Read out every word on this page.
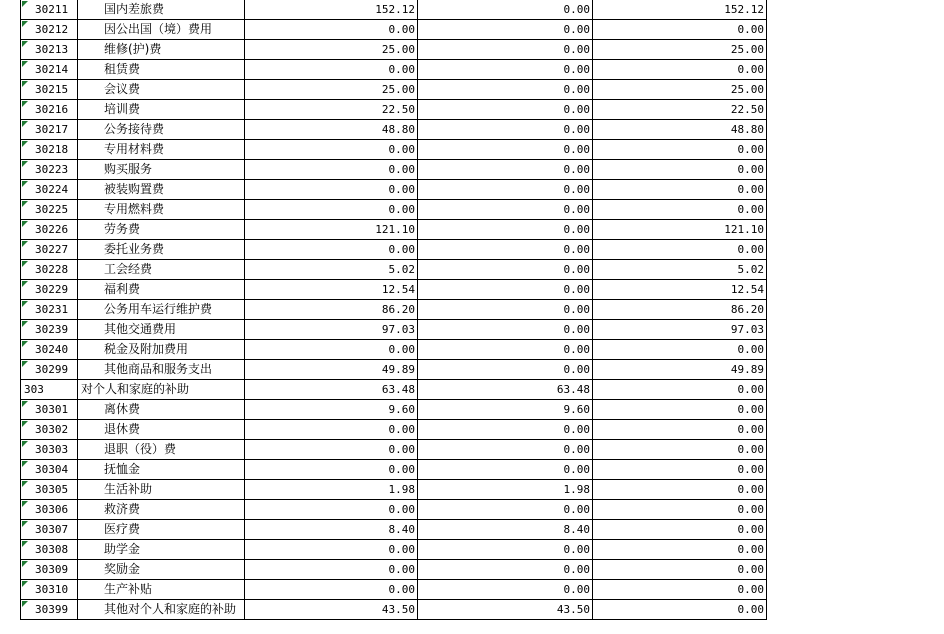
30211	国内差旅费	152.12	0.00	152.12
30212	因公出国（境）费用	0.00	0.00	0.00
30213	维修(护)费	25.00	0.00	25.00
30214	租赁费	0.00	0.00	0.00
30215	会议费	25.00	0.00	25.00
30216	培训费	22.50	0.00	22.50
30217	公务接待费	48.80	0.00	48.80
30218	专用材料费	0.00	0.00	0.00
30223	购买服务	0.00	0.00	0.00
30224	被装购置费	0.00	0.00	0.00
30225	专用燃料费	0.00	0.00	0.00
30226	劳务费	121.10	0.00	121.10
30227	委托业务费	0.00	0.00	0.00
30228	工会经费	5.02	0.00	5.02
30229	福利费	12.54	0.00	12.54
30231	公务用车运行维护费	86.20	0.00	86.20
30239	其他交通费用	97.03	0.00	97.03
30240	税金及附加费用	0.00	0.00	0.00
30299	其他商品和服务支出	49.89	0.00	49.89
303	对个人和家庭的补助	63.48	63.48	0.00
30301	离休费	9.60	9.60	0.00
30302	退休费	0.00	0.00	0.00
30303	退职（役）费	0.00	0.00	0.00
30304	抚恤金	0.00	0.00	0.00
30305	生活补助	1.98	1.98	0.00
30306	救济费	0.00	0.00	0.00
30307	医疗费	8.40	8.40	0.00
30308	助学金	0.00	0.00	0.00
30309	奖励金	0.00	0.00	0.00
30310	生产补贴	0.00	0.00	0.00
30399	其他对个人和家庭的补助	43.50	43.50	0.00
